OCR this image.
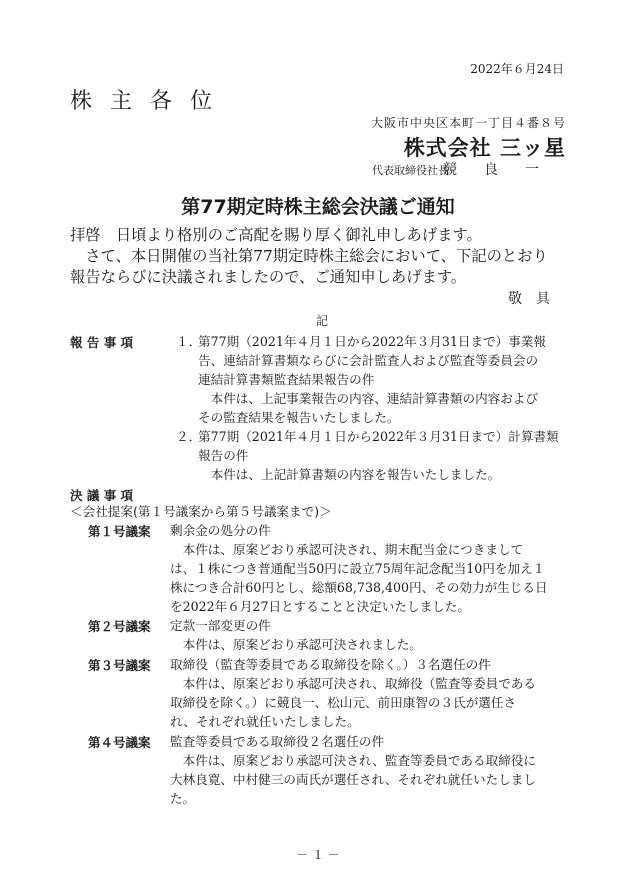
2022年６月24日
株主各位
大阪市中央区本町一丁目４番８号
株式会社 三ッ星
代表取締役社長
競良一
第77期定時株主総会決議ご通知
拝啓　日頃より格別のご高配を賜り厚く御礼申しあげます。
　さて、本日開催の当社第77期定時株主総会において、下記のとおり
報告ならびに決議されましたので、ご通知申しあげます。
敬具
記
報 告 事 項	１．
第77期（2021年４月１日から2022年３月31日まで）事業報
告、連結計算書類ならびに会計監査人および監査等委員会の
連結計算書類監査結果報告の件
　本件は、上記事業報告の内容、連結計算書類の内容および
その監査結果を報告いたしました。
２．
第77期（2021年４月１日から2022年３月31日まで）計算書類
報告の件
　本件は、上記計算書類の内容を報告いたしました。
決 議 事 項
＜会社提案(第１号議案から第５号議案まで)＞
第１号議案 剰余金の処分の件
　本件は、原案どおり承認可決され、期末配当金につきまして
は、１株につき普通配当50円に設立75周年記念配当10円を加え１
株につき合計60円とし、総額68,738,400円、その効力が生じる日
を2022年６月27日とすることと決定いたしました。
第２号議案 定款一部変更の件
　本件は、原案どおり承認可決されました。
第３号議案 取締役（監査等委員である取締役を除く。）３名選任の件
　本件は、原案どおり承認可決され、取締役（監査等委員である
取締役を除く。）に競良一、松山元、前田康智の３氏が選任さ
れ、それぞれ就任いたしました。
第４号議案 監査等委員である取締役２名選任の件
　本件は、原案どおり承認可決され、監査等委員である取締役に
大林良寛、中村健三の両氏が選任され、それぞれ就任いたしまし
た。
－ １ －
